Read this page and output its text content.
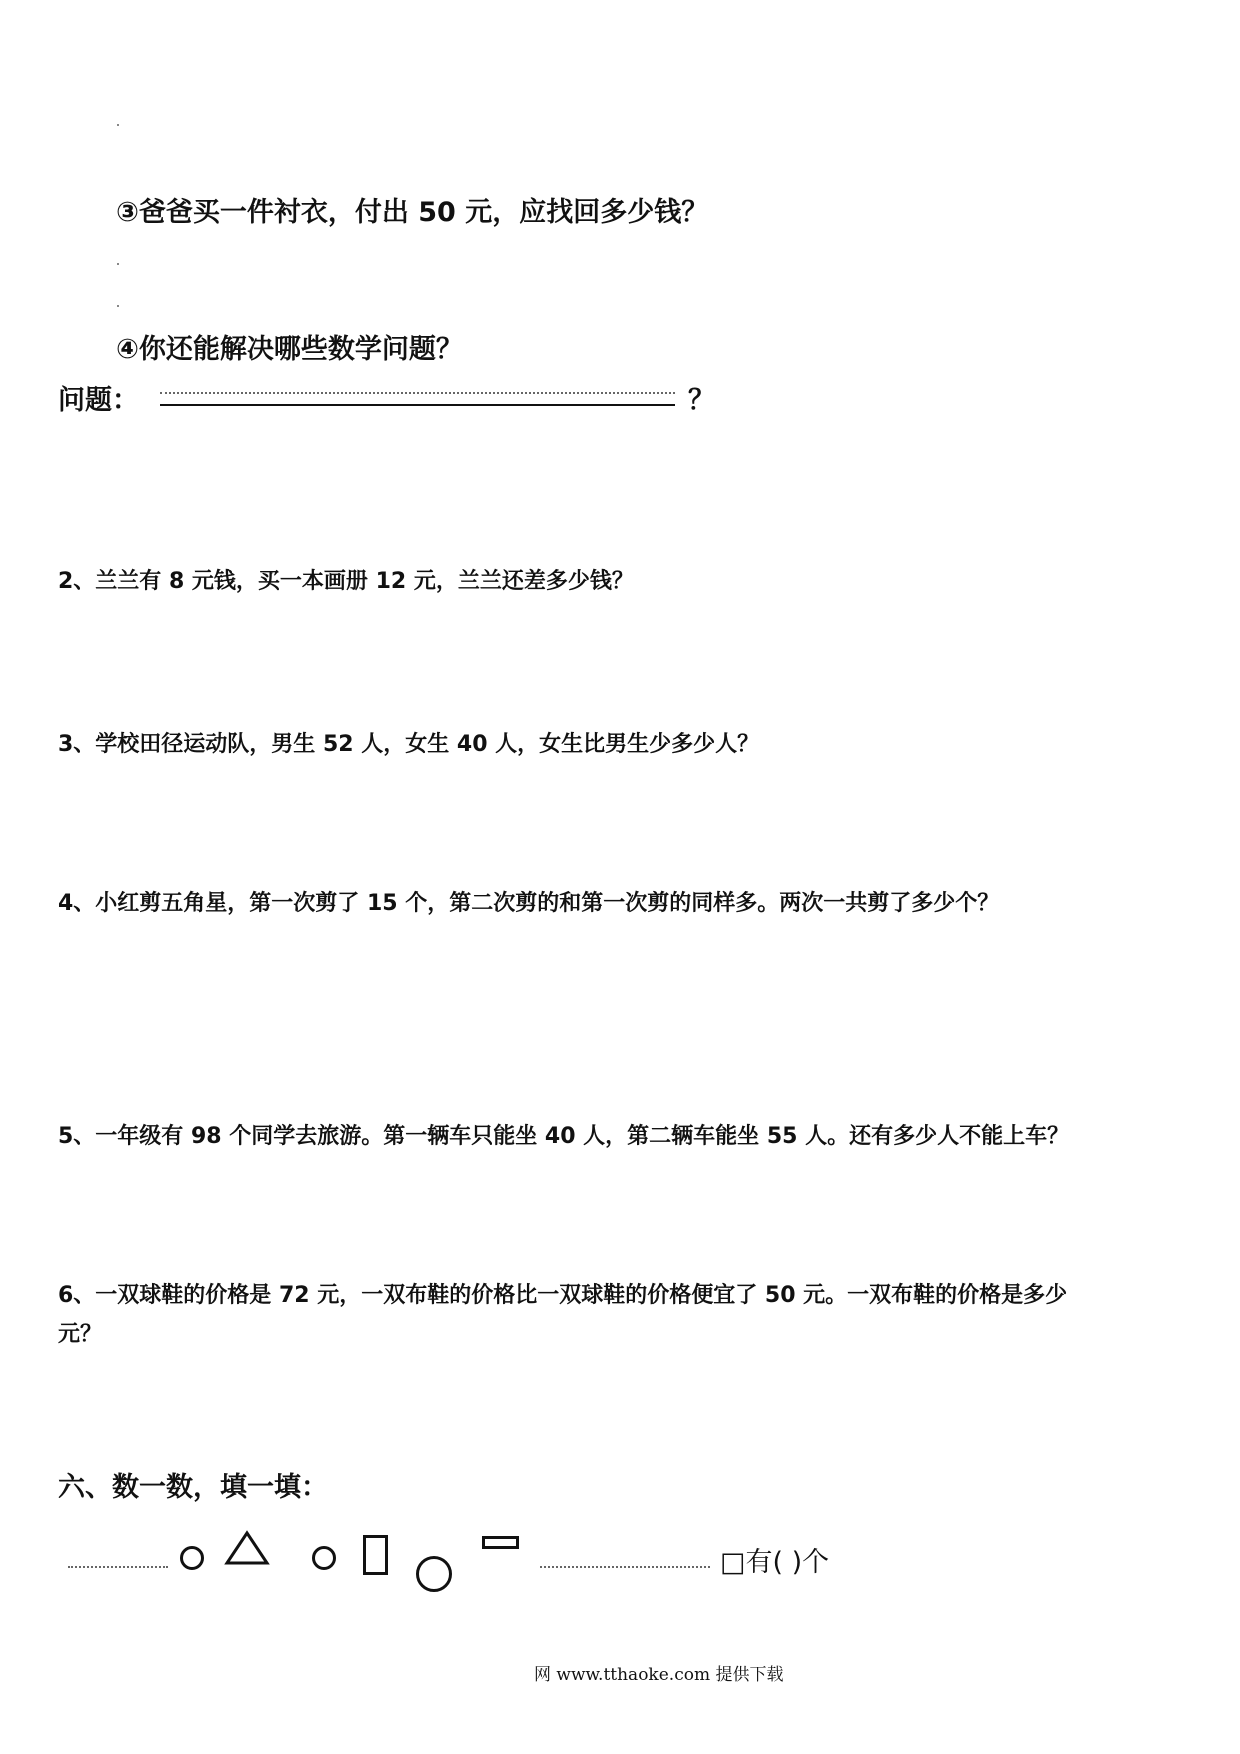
③爸爸买一件衬衣，付出 50 元，应找回多少钱？
④你还能解决哪些数学问题？
问题：	？
2、兰兰有 8 元钱，买一本画册 12 元，兰兰还差多少钱？
3、学校田径运动队，男生 52 人，女生 40 人，女生比男生少多少人？
4、小红剪五角星，第一次剪了 15 个，第二次剪的和第一次剪的同样多。两次一共剪了多少个？
5、一年级有 98 个同学去旅游。第一辆车只能坐 40 人，第二辆车能坐 55 人。还有多少人不能上车？
6、一双球鞋的价格是 72 元，一双布鞋的价格比一双球鞋的价格便宜了 50 元。一双布鞋的价格是多少
元？
六、数一数，填一填：
□有( )个
网 www.tthaoke.com 提供下载
